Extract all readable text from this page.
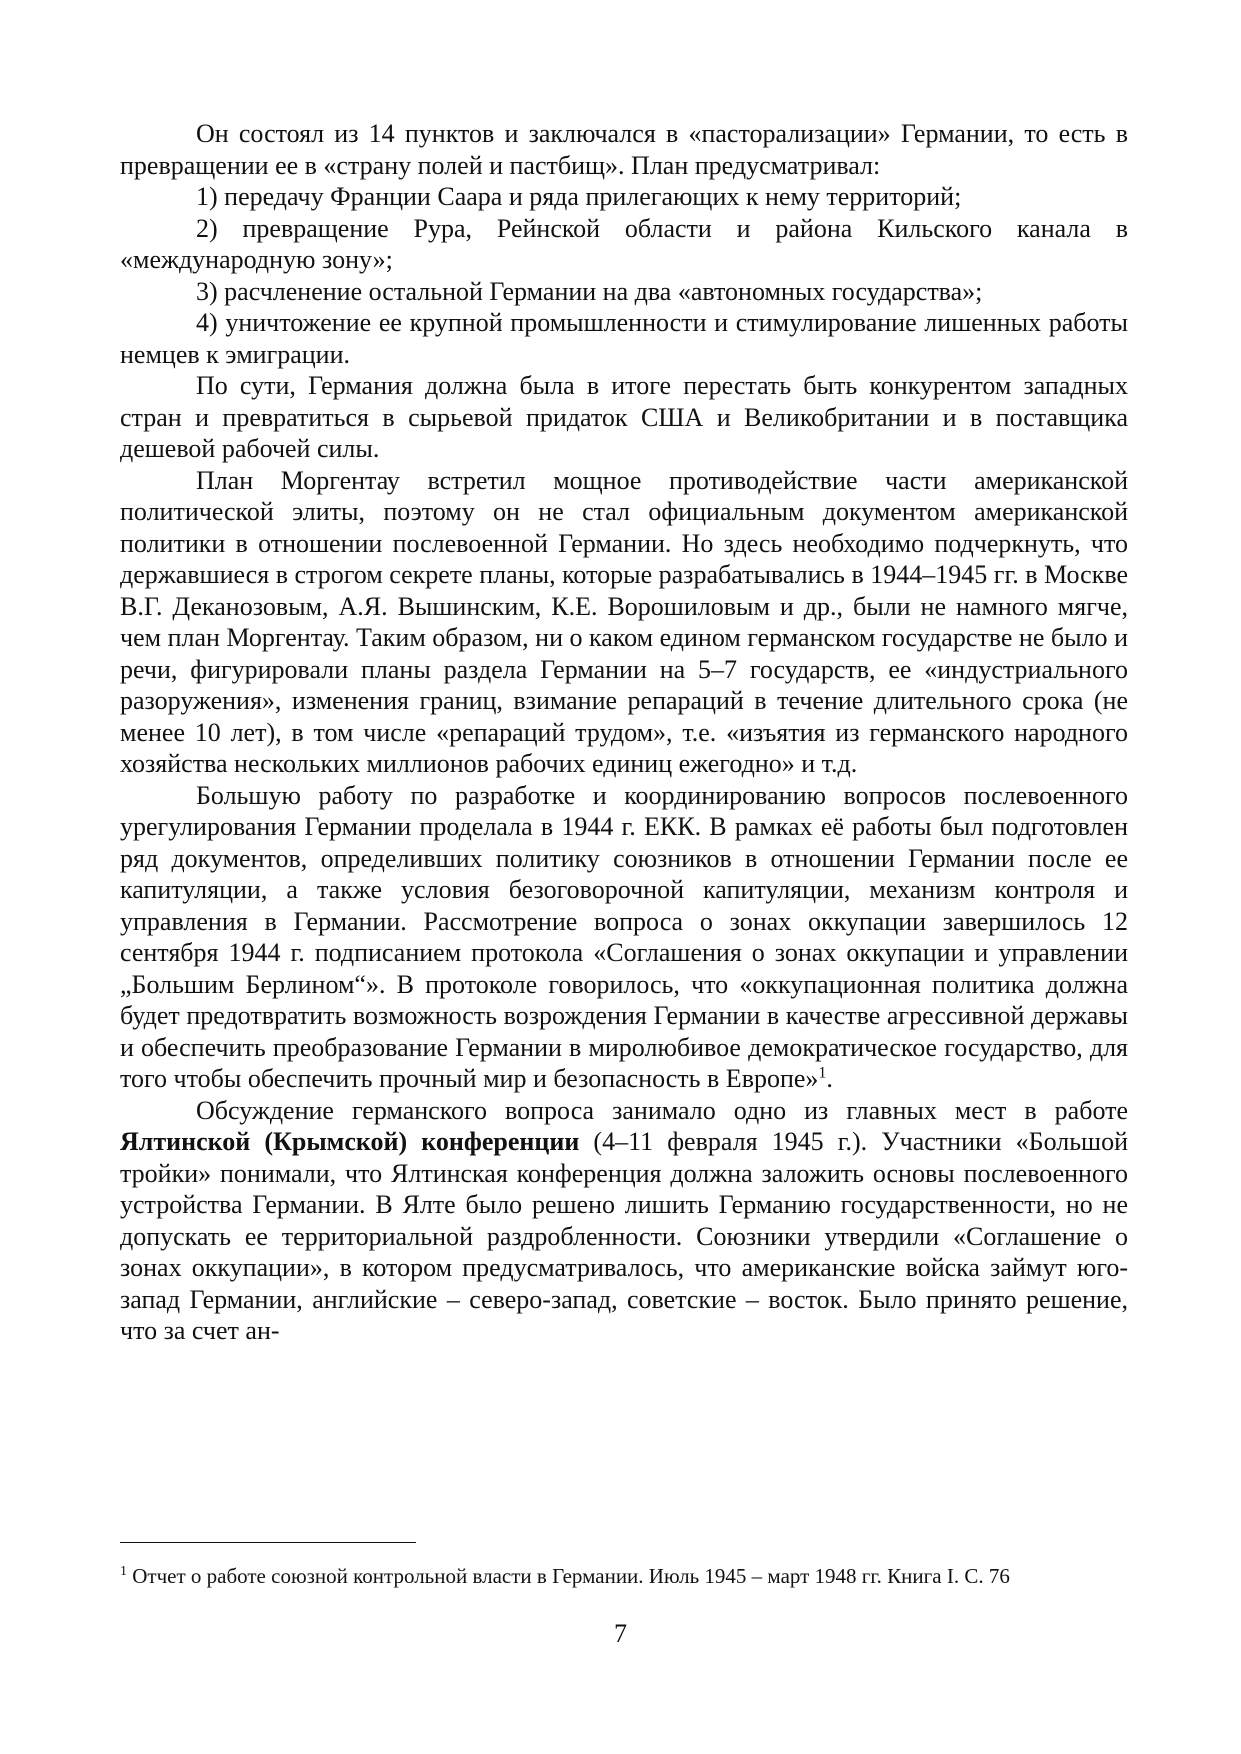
Он состоял из 14 пунктов и заключался в «пасторализации» Германии, то есть в превращении ее в «страну полей и пастбищ». План предусматривал:

1) передачу Франции Саара и ряда прилегающих к нему территорий;

2) превращение Рура, Рейнской области и района Кильского канала в «международную зону»;

3) расчленение остальной Германии на два «автономных государства»;

4) уничтожение ее крупной промышленности и стимулирование лишенных работы немцев к эмиграции.

По сути, Германия должна была в итоге перестать быть конкурентом западных стран и превратиться в сырьевой придаток США и Великобритании и в поставщика дешевой рабочей силы.

План Моргентау встретил мощное противодействие части американской политической элиты, поэтому он не стал официальным документом американской политики в отношении послевоенной Германии. Но здесь необходимо подчеркнуть, что державшиеся в строгом секрете планы, которые разрабатывались в 1944–1945 гг. в Москве В.Г. Деканозовым, А.Я. Вышинским, К.Е. Ворошиловым и др., были не намного мягче, чем план Моргентау. Таким образом, ни о каком едином германском государстве не было и речи, фигурировали планы раздела Германии на 5–7 государств, ее «индустриального разоружения», изменения границ, взимание репараций в течение длительного срока (не менее 10 лет), в том числе «репараций трудом», т.е. «изъятия из германского народного хозяйства нескольких миллионов рабочих единиц ежегодно» и т.д.

Большую работу по разработке и координированию вопросов послевоенного урегулирования Германии проделала в 1944 г. ЕКК. В рамках её работы был подготовлен ряд документов, определивших политику союзников в отношении Германии после ее капитуляции, а также условия безоговорочной капитуляции, механизм контроля и управления в Германии. Рассмотрение вопроса о зонах оккупации завершилось 12 сентября 1944 г. подписанием протокола «Соглашения о зонах оккупации и управлении „Большим Берлином“». В протоколе говорилось, что «оккупационная политика должна будет предотвратить возможность возрождения Германии в качестве агрессивной державы и обеспечить преобразование Германии в миролюбивое демократическое государство, для того чтобы обеспечить прочный мир и безопасность в Европе»$^1$.

Обсуждение германского вопроса занимало одно из главных мест в работе Ялтинской (Крымской) конференции (4–11 февраля 1945 г.). Участники «Большой тройки» понимали, что Ялтинская конференция должна заложить основы послевоенного устройства Германии. В Ялте было решено лишить Германию государственности, но не допускать ее территориальной раздробленности. Союзники утвердили «Соглашение о зонах оккупации», в котором предусматривалось, что американские войска займут юго-запад Германии, английские – северо-запад, советские – восток. Было принято решение, что за счет ан-

$^1$ Отчет о работе союзной контрольной власти в Германии. Июль 1945 – март 1948 гг. Книга I. С. 76
7
